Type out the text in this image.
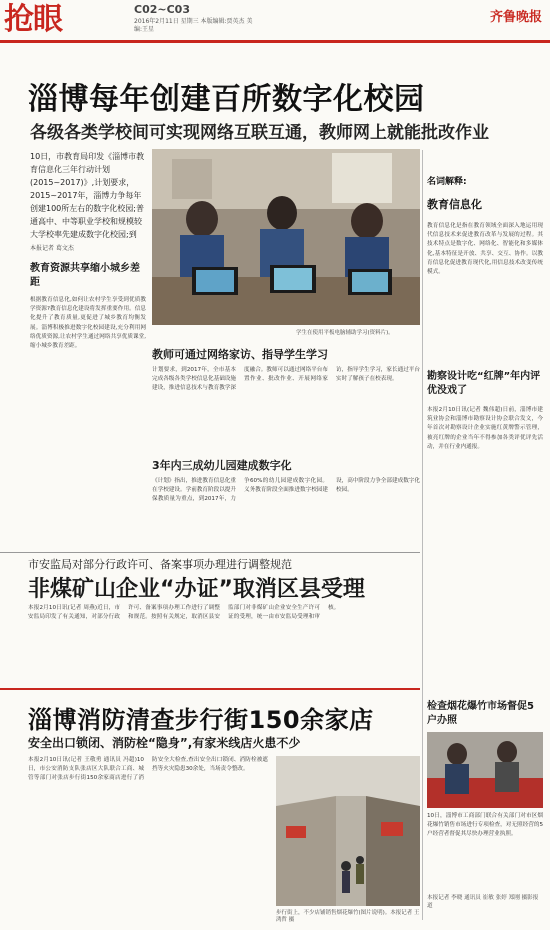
抢眼	C02~C03
2016年2月11日 星期三 本版编辑:贾英杰 美编:王星
齐鲁晚报
淄博每年创建百所数字化校园
各级各类学校间可实现网络互联互通，教师网上就能批改作业
10日，市教育局印发《淄博市教育信息化三年行动计划(2015~2017)》,计划要求，2015~2017年，淄博力争每年创建100所左右的数字化校园;普通高中、中等职业学校和规模较大学校率先建成数字化校园;到
本报记者 葛文杰
教育资源共享缩小城乡差距
根据教育信息化,如何让农村学生享受到优质教学资源?教育信息化建设将发挥重要作用。信息化提升了教育质量,更促进了城乡教育均衡发展。淄博积极推进数字化校园建设,充分利用网络优质资源,让农村学生通过网络共享优质课堂,缩小城乡教育差距。
学生在使用平板电脑辅助学习(资料片)。
教师可通过网络家访、指导学生学习
计划要求，到2017年，全市基本完成各级各类学校信息化基础设施建设，推进信息技术与教育教学深度融合。教师可以通过网络平台布置作业、批改作业、开展网络家访，指导学生学习，家长通过平台实时了解孩子在校表现。
3年内三成幼儿园建成数字化
《计划》指出，推进教育信息化重在学校建设。学前教育阶段以提升保教质量为重点，到2017年，力争60%的幼儿园建成数字化园。义务教育阶段全面推进数字校园建设，高中阶段力争全部建成数字化校园。
名词解释:
教育信息化
教育信息化是指在教育领域全面深入地运用现代信息技术来促进教育改革与发展的过程。其技术特点是数字化、网络化、智能化和多媒体化,基本特征是开放、共享、交互、协作。以教育信息化促进教育现代化,用信息技术改变传统模式。
勘察设计吃“红牌”年内评优没戏了
本报2月10日讯(记者 魏伟超)日前，淄博市建筑业协会和淄博市勘察设计协会联合发文，今年首次对勘察设计企业实施红黄牌警示管理，被亮红牌的企业当年不得参加各类评优评先活动，并在行业内通报。
市安监局对部分行政许可、备案事项办理进行调整规范
非煤矿山企业“办证”取消区县受理
本报2月10日讯(记者 周燕)近日，市安监局印发了有关通知，对部分行政许可、备案事项办理工作进行了调整和规范。按照有关规定，取消区县安监部门对非煤矿山企业安全生产许可证的受理，统一由市安监局受理和审核。
淄博消防清查步行街150余家店
安全出口锁闭、消防栓“隐身”,有家米线店火患不少
本报2月10日讯(记者 王敬勇 通讯员 冯超)10日，市公安消防支队张店区大队联合工商、城管等部门对张店步行街150余家商店进行了消防安全大检查,查出安全出口锁闭、消防栓被遮挡等火灾隐患30余处，当场责令整改。
步行街上，不少店铺销售烟花爆竹(图片说明)。本报记者 王鸿哲 摄
检查烟花爆竹市场督促5户办照
10日，淄博市工商部门联合有关部门对市区烟花爆竹销售市场进行专项检查，对无照经营的5户经营者督促其尽快办理营业执照。
本报记者 李晓 通讯员 崔敏 张婷 郑刚 摄影报道
